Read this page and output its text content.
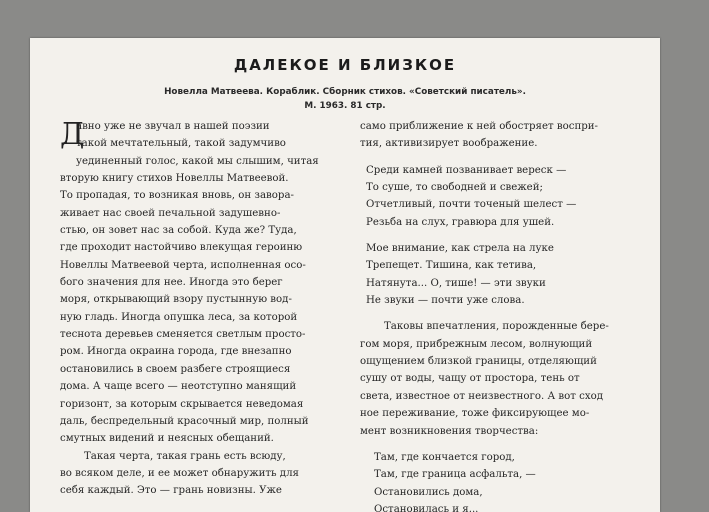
ДАЛЕКОЕ И БЛИЗКОЕ
Новелла Матвеева. Кораблик. Сборник стихов. «Советский писатель».
М. 1963. 81 стр.
Д
авно уже не звучал в нашей поэзии
такой мечтательный, такой задумчиво
уединенный голос, какой мы слышим, читая
вторую книгу стихов Новеллы Матвеевой.
То пропадая, то возникая вновь, он завора-
живает нас своей печальной задушевно-
стью, он зовет нас за собой. Куда же? Туда,
где проходит настойчиво влекущая героиню
Новеллы Матвеевой черта, исполненная осо-
бого значения для нее. Иногда это берег
моря, открывающий взору пустынную вод-
ную гладь. Иногда опушка леса, за которой
теснота деревьев сменяется светлым просто-
ром. Иногда окраина города, где внезапно
остановились в своем разбеге строящиеся
дома. А чаще всего — неотступно манящий
горизонт, за которым скрывается неведомая
даль, беспредельный красочный мир, полный
смутных видений и неясных обещаний.
Такая черта, такая грань есть всюду,
во всяком деле, и ее может обнаружить для
себя каждый. Это — грань новизны. Уже
само приближение к ней обостряет воспри-
тия, активизирует воображение.
Среди камней позванивает вереск —
То суше, то свободней и свежей;
Отчетливый, почти точеный шелест —
Резьба на слух, гравюра для ушей.
Мое внимание, как стрела на луке
Трепещет. Тишина, как тетива,
Натянута... О, тише! — эти звуки
Не звуки — почти уже слова.
Таковы впечатления, порожденные бере-
гом моря, прибрежным лесом, волнующий
ощущением близкой границы, отделяющий
сушу от воды, чащу от простора, тень от
света, известное от неизвестного. А вот сход
ное переживание, тоже фиксирующее мо-
мент возникновения творчества:
Там, где кончается город,
Там, где граница асфальта, —
Остановились дома,
Остановилась и я...
